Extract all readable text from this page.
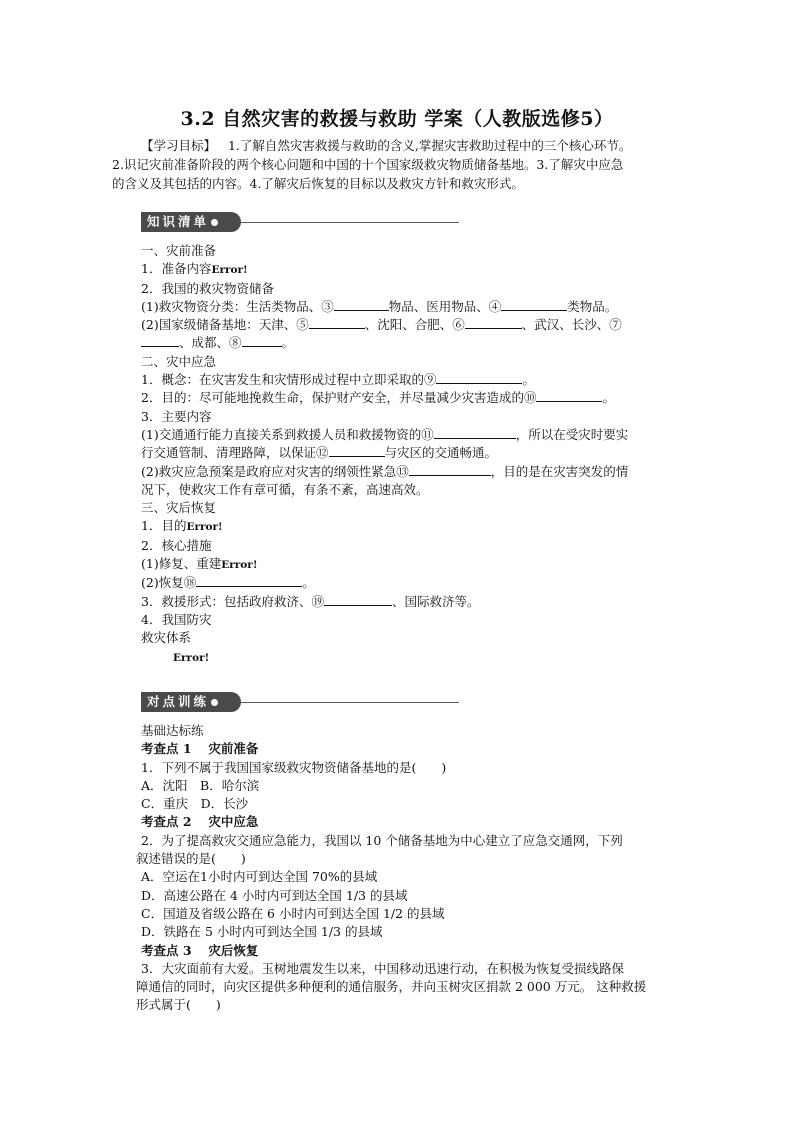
3.2 自然灾害的救援与救助 学案（人教版选修5）

【学习目标】 1.了解自然灾害救援与救助的含义,掌握灾害救助过程中的三个核心环节。

2.识记灾前准备阶段的两个核心问题和中国的十个国家级救灾物质储备基地。3.了解灾中应急

的含义及其包括的内容。4.了解灾后恢复的目标以及救灾方针和救灾形式。

知识清单

一、灾前准备

1．准备内容Error!

2．我国的救灾物资储备

(1)救灾物资分类：生活类物品、③	物品、医用物品、④	类物品。

(2)国家级储备基地：天津、⑤	、沈阳、合肥、⑥	、武汉、长沙、⑦

、成都、⑧	。

二、灾中应急

1．概念：在灾害发生和灾情形成过程中立即采取的⑨	。

2．目的：尽可能地挽救生命，保护财产安全，并尽量减少灾害造成的⑩	。

3．主要内容

(1)交通通行能力直接关系到救援人员和救援物资的⑪	，所以在受灾时要实

行交通管制、清理路障，以保证⑫	与灾区的交通畅通。

(2)救灾应急预案是政府应对灾害的纲领性紧急⑬	，目的是在灾害突发的情

况下，使救灾工作有章可循，有条不紊，高速高效。

三、灾后恢复

1．目的Error!

2．核心措施

(1)修复、重建Error!

(2)恢复⑱	。

3．救援形式：包括政府救济、⑲	、国际救济等。

4．我国防灾

救灾体系

Error!

对点训练

基础达标练

考查点 1　 灾前准备

1．下列不属于我国国家级救灾物资储备基地的是(　　)

A．沈阳　B．哈尔滨

C．重庆　D．长沙

考查点 2　 灾中应急

2．为了提高救灾交通应急能力，我国以 10 个储备基地为中心建立了应急交通网，下列

叙述错误的是(　　)

A．空运在1小时内可到达全国 70%的县域

D．高速公路在 4 小时内可到达全国 1/3 的县域

C．国道及省级公路在 6 小时内可到达全国 1/2 的县域

D．铁路在 5 小时内可到达全国 1/3 的县域

考查点 3　 灾后恢复

3．大灾面前有大爱。玉树地震发生以来，中国移动迅速行动，在积极为恢复受损线路保

障通信的同时，向灾区提供多种便利的通信服务，并向玉树灾区捐款 2 000 万元。 这种救援

形式属于(　　)
